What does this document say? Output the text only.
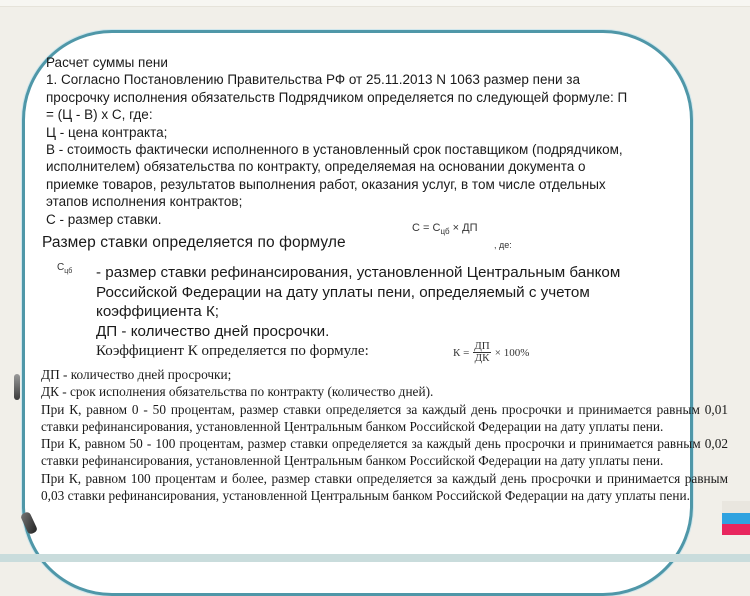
Расчет суммы пени

1. Согласно Постановлению Правительства РФ от 25.11.2013 N 1063 размер пени за

просрочку исполнения обязательств Подрядчиком определяется по следующей формуле: П

= (Ц - В) х С, где:

Ц - цена контракта;

В - стоимость фактически исполненного в установленный срок поставщиком (подрядчиком,

исполнителем) обязательства по контракту, определяемая на основании документа о

приемке товаров, результатов выполнения работ, оказания услуг, в том числе отдельных

этапов исполнения контрактов;

С - размер ставки.

Размер ставки определяется по формуле
$С = С_{цб}$ × ДП
, де:
$С_{цб}$ - размер ставки рефинансирования, установленной Центральным банком

Российской Федерации на дату уплаты пени, определяемый с учетом

коэффициента К;

ДП - количество дней просрочки.

Коэффициент К определяется по формуле:	$К = \frac{ДП}{ДК} \times 100\%$

ДП - количество дней просрочки;

ДК - срок исполнения обязательства по контракту (количество дней).

При К, равном 0 - 50 процентам, размер ставки определяется за каждый день просрочки и принимается равным 0,01 ставки рефинансирования, установленной Центральным банком Российской Федерации на дату уплаты пени.

При К, равном 50 - 100 процентам, размер ставки определяется за каждый день просрочки и принимается равным 0,02 ставки рефинансирования, установленной Центральным банком Российской Федерации на дату уплаты пени.

При К, равном 100 процентам и более, размер ставки определяется за каждый день просрочки и принимается равным 0,03 ставки рефинансирования, установленной Центральным банком Российской Федерации на дату уплаты пени.
